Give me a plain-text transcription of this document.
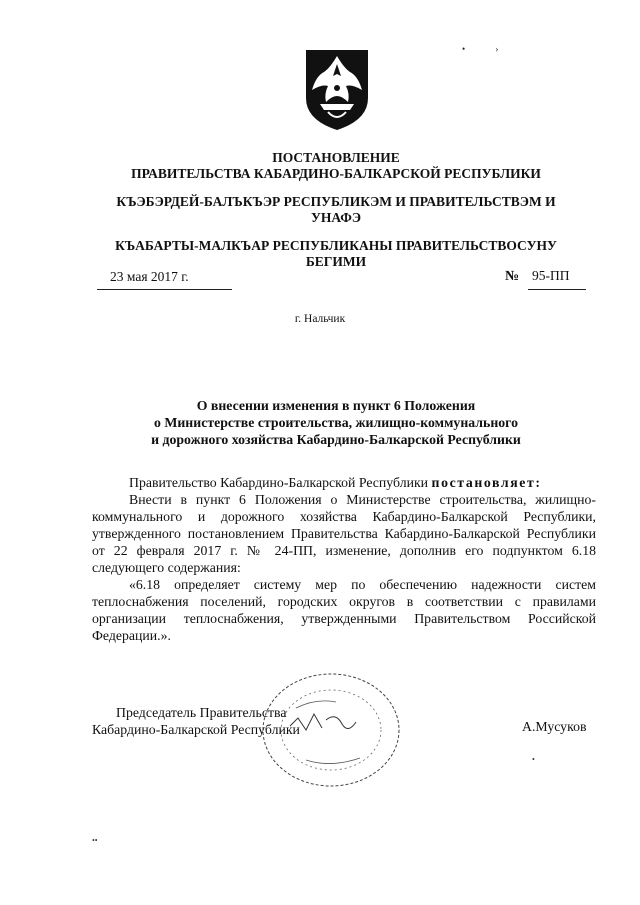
• ›
ПОСТАНОВЛЕНИЕ
ПРАВИТЕЛЬСТВА КАБАРДИНО-БАЛКАРСКОЙ РЕСПУБЛИКИ
КЪЭБЭРДЕЙ-БАЛЪКЪЭР РЕСПУБЛИКЭМ И ПРАВИТЕЛЬСТВЭМ И
УНАФЭ
КЪАБАРТЫ-МАЛКЪАР РЕСПУБЛИКАНЫ ПРАВИТЕЛЬСТВОСУНУ
БЕГИМИ
23 мая 2017 г.	№ 95-ПП
г. Нальчик
О внесении изменения в пункт 6 Положения
о Министерстве строительства, жилищно-коммунального
и дорожного хозяйства Кабардино-Балкарской Республики

Правительство Кабардино-Балкарской Республики постановляет:

Внести в пункт 6 Положения о Министерстве строительства, жилищно-коммунального и дорожного хозяйства Кабардино-Балкарской Республики, утвержденного постановлением Правительства Кабардино-Балкарской Республики от 22 февраля 2017 г. № 24-ПП, изменение, дополнив его подпунктом 6.18 следующего содержания:

«6.18 определяет систему мер по обеспечению надежности систем теплоснабжения поселений, городских округов в соответствии с правилами организации теплоснабжения, утвержденными Правительством Российской Федерации.».

Председатель Правительства
Кабардино-Балкарской Республики	А.Мусуков
•
••
